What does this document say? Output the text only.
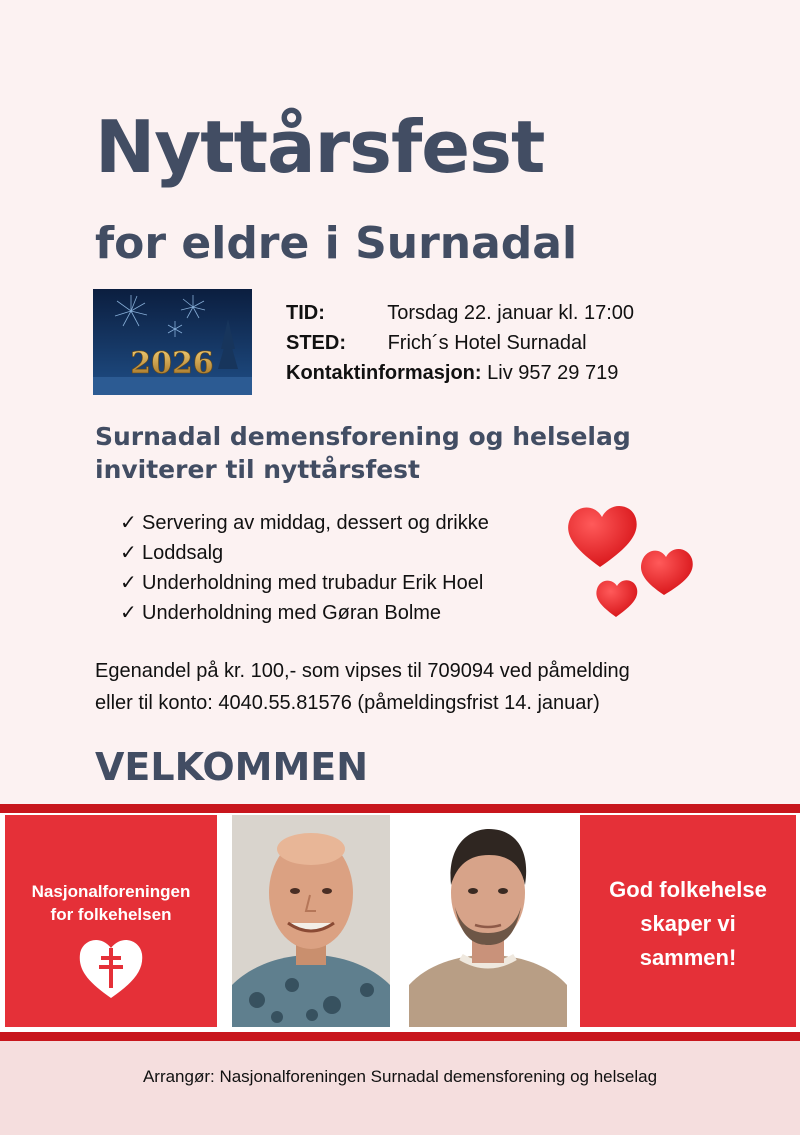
Nyttårsfest
for eldre i Surnadal
2026
TID:	Torsdag 22. januar kl. 17:00
STED: Frich´s Hotel Surnadal
Kontaktinformasjon: Liv 957 29 719
Surnadal demensforening og helselag
inviterer til nyttårsfest
✓ Servering av middag, dessert og drikke
✓ Loddsalg
✓ Underholdning med trubadur Erik Hoel
✓ Underholdning med Gøran Bolme

Egenandel på kr. 100,- som vipses til 709094 ved påmelding

eller til konto: 4040.55.81576 (påmeldingsfrist 14. januar)

VELKOMMEN
Nasjonalforeningen
for folkehelsen
God folkehelse
skaper vi
sammen!

Arrangør: Nasjonalforeningen Surnadal demensforening og helselag
